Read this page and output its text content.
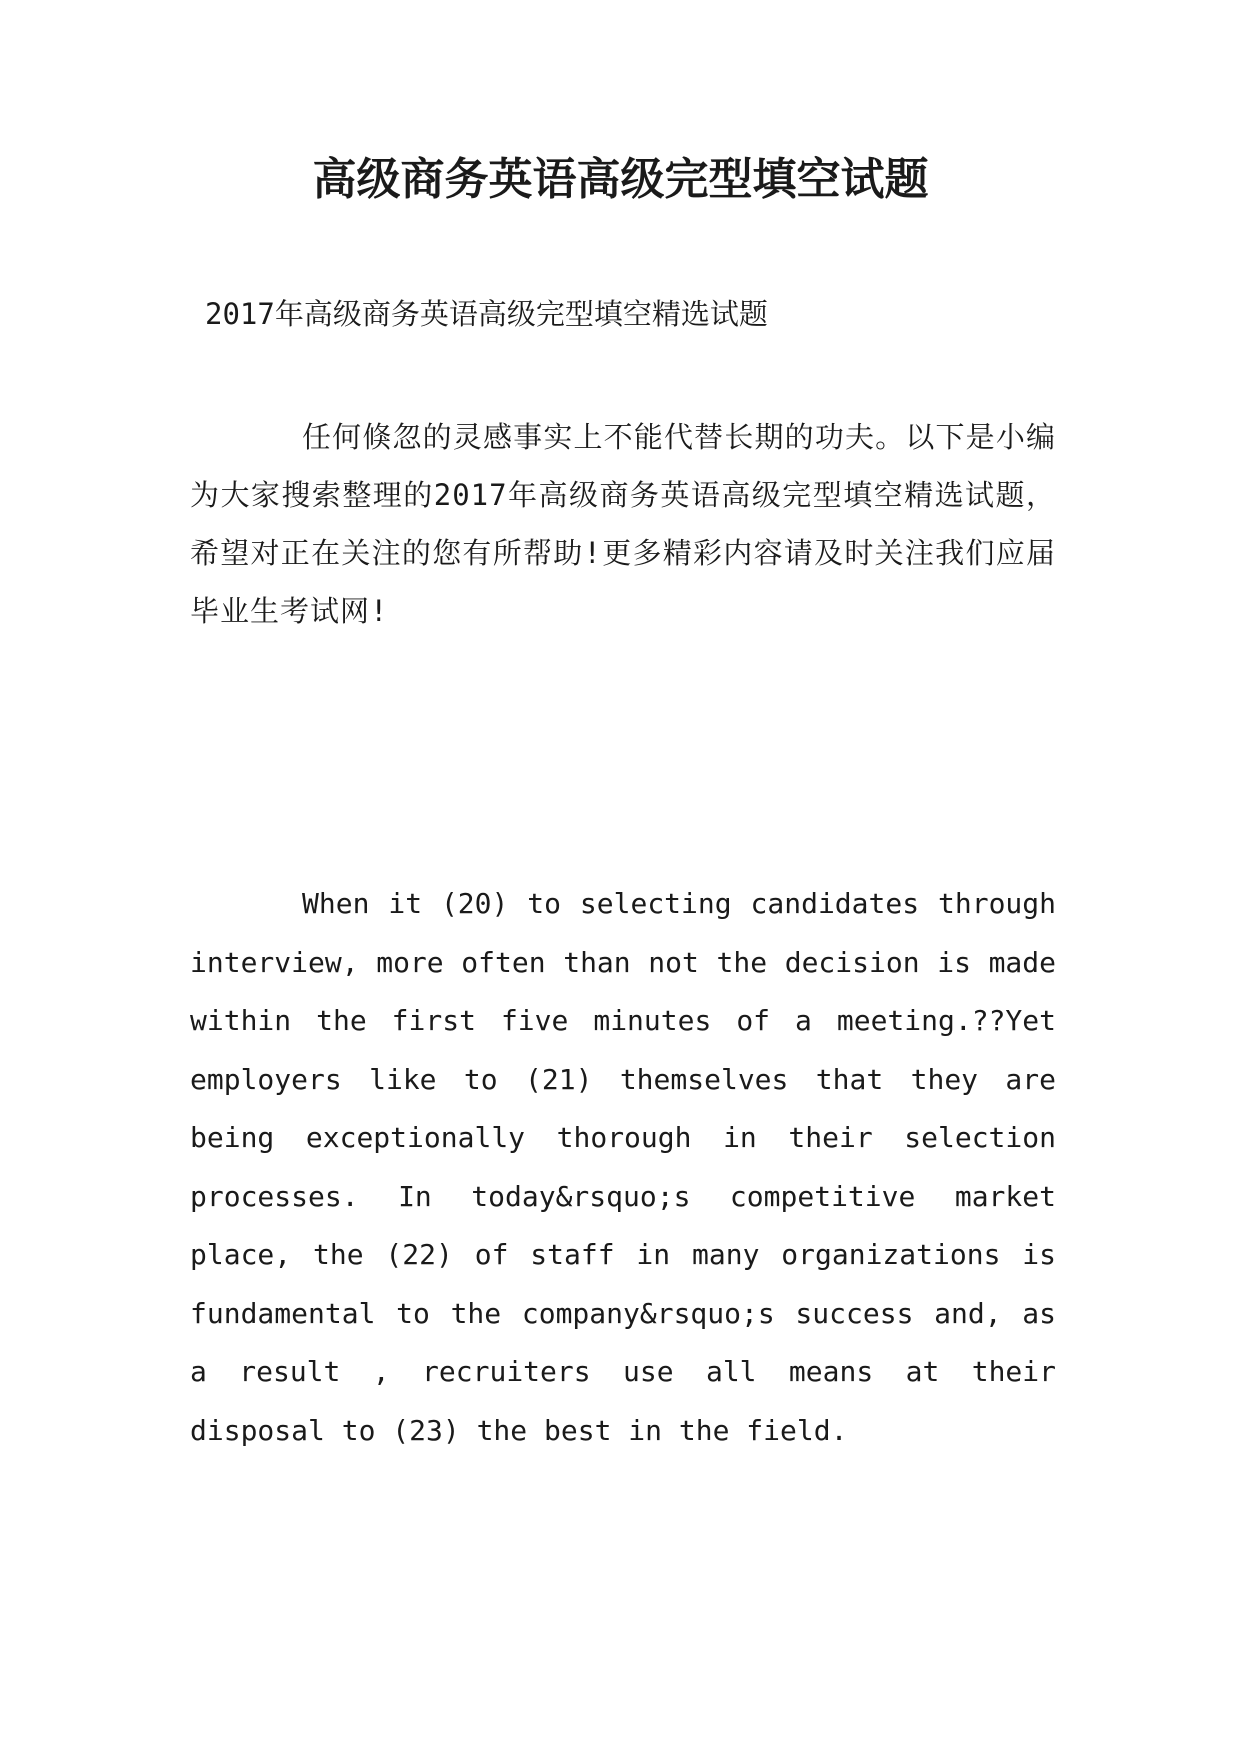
高级商务英语高级完型填空试题

2017年高级商务英语高级完型填空精选试题

任何倏忽的灵感事实上不能代替长期的功夫。以下是小编为大家搜索整理的2017年高级商务英语高级完型填空精选试题，希望对正在关注的您有所帮助!更多精彩内容请及时关注我们应届毕业生考试网!

When it (20) to selecting candidates through interview, more often than not the decision is made within the first five minutes of a meeting.??Yet employers like to (21) themselves that they are being exceptionally thorough in their selection processes. In today&rsquo;s competitive market place, the (22) of staff in many organizations is fundamental to the company&rsquo;s success and, as a result , recruiters use all means at their disposal to (23) the best in the field.
